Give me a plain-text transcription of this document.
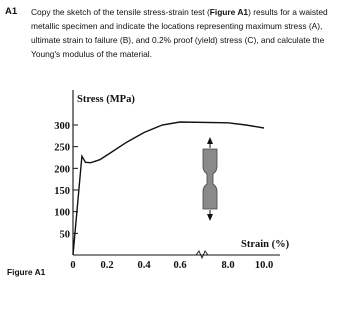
A1 Copy the sketch of the tensile stress-strain test (Figure A1) results for a waisted metallic specimen and indicate the locations representing maximum stress (A), ultimate strain to failure (B), and 0.2% proof (yield) stress (C), and calculate the Young's modulus of the material.

Stress (MPa)
Strain (%)
50
100
150
200
250
300
0 0.2 0.4 0.6	8.0 10.0
Figure A1
